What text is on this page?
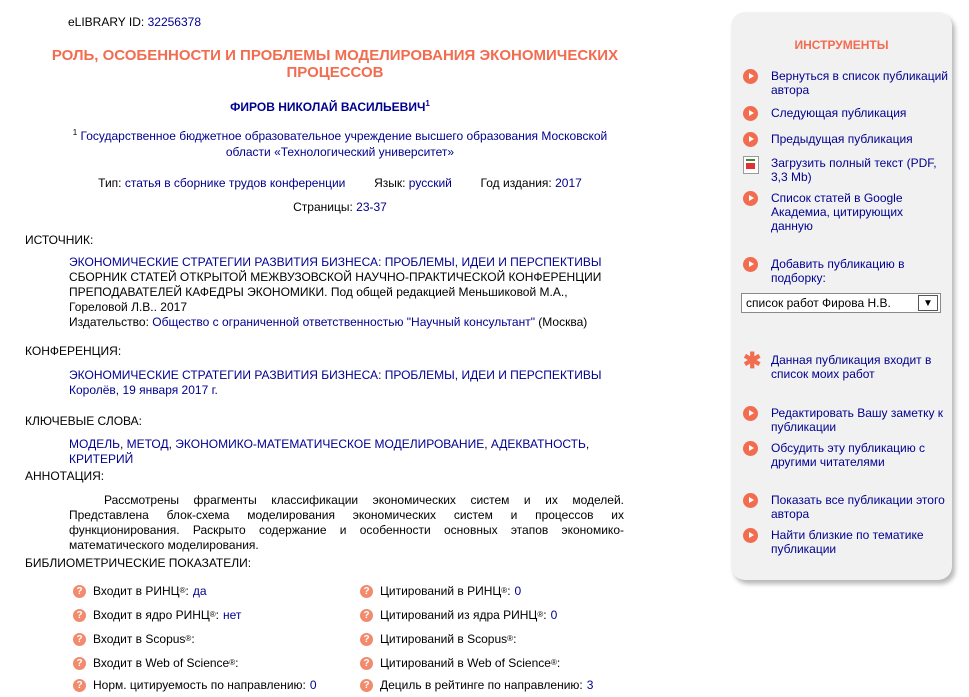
eLIBRARY ID: 32256378
РОЛЬ, ОСОБЕННОСТИ И ПРОБЛЕМЫ МОДЕЛИРОВАНИЯ ЭКОНОМИЧЕСКИХ ПРОЦЕССОВ
ФИРОВ НИКОЛАЙ ВАСИЛЬЕВИЧ$^1$
$^1$ Государственное бюджетное образовательное учреждение высшего образования Московской области «Технологический университет»
Тип: статья в сборнике трудов конференции Язык: русский Год издания: 2017
Страницы: 23-37
ИСТОЧНИК:
ЭКОНОМИЧЕСКИЕ СТРАТЕГИИ РАЗВИТИЯ БИЗНЕСА: ПРОБЛЕМЫ, ИДЕИ И ПЕРСПЕКТИВЫ
СБОРНИК СТАТЕЙ ОТКРЫТОЙ МЕЖВУЗОВСКОЙ НАУЧНО-ПРАКТИЧЕСКОЙ КОНФЕРЕНЦИИ ПРЕПОДАВАТЕЛЕЙ КАФЕДРЫ ЭКОНОМИКИ. Под общей редакцией Меньшиковой М.А., Гореловой Л.В.. 2017
Издательство: Общество с ограниченной ответственностью "Научный консультант" (Москва)
КОНФЕРЕНЦИЯ:
ЭКОНОМИЧЕСКИЕ СТРАТЕГИИ РАЗВИТИЯ БИЗНЕСА: ПРОБЛЕМЫ, ИДЕИ И ПЕРСПЕКТИВЫ
Королёв, 19 января 2017 г.
КЛЮЧЕВЫЕ СЛОВА:
МОДЕЛЬ, МЕТОД, ЭКОНОМИКО-МАТЕМАТИЧЕСКОЕ МОДЕЛИРОВАНИЕ, АДЕКВАТНОСТЬ, КРИТЕРИЙ
АННОТАЦИЯ:
Рассмотрены фрагменты классификации экономических систем и их моделей. Представлена блок-схема моделирования экономических систем и процессов их функционирования. Раскрыто содержание и особенности основных этапов экономико-математического моделирования.
БИБЛИОМЕТРИЧЕСКИЕ ПОКАЗАТЕЛИ:
? Входит в РИНЦ ® : да
? Входит в ядро РИНЦ ® : нет
? Входит в Scopus ® :
? Входит в Web of Science ® :
? Норм. цитируемость по направлению: 0
? Цитирований в РИНЦ ® : 0
? Цитирований из ядра РИНЦ ® : 0
? Цитирований в Scopus ® :
? Цитирований в Web of Science ® :
? Дециль в рейтинге по направлению: 3
ИНСТРУМЕНТЫ
Вернуться в список публикаций автора
Следующая публикация
Предыдущая публикация
Загрузить полный текст (PDF, 3,3 Mb)
Список статей в Google Академиа, цитирующих данную
Добавить публикацию в подборку:
✱ Данная публикация входит в список моих работ
Редактировать Вашу заметку к публикации
Обсудить эту публикацию с другими читателями
Показать все публикации этого автора
Найти близкие по тематике публикации
список работ Фирова Н.В.	▼
